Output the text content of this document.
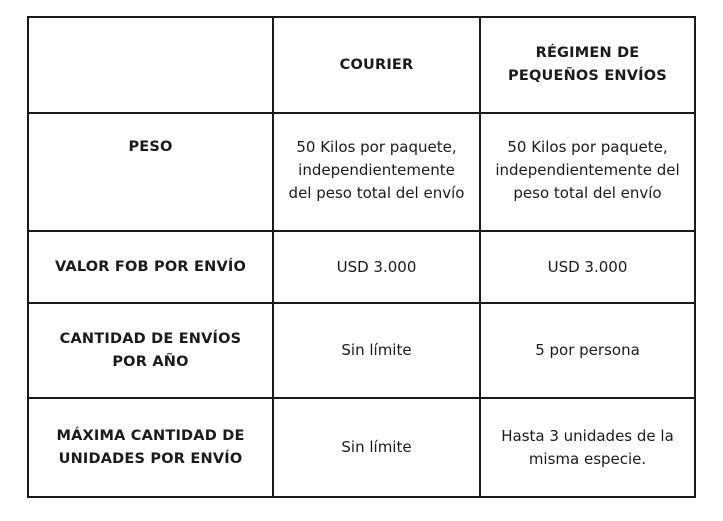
	COURIER	RÉGIMEN DE PEQUEÑOS ENVÍOS
PESO	50 Kilos por paquete, independientemente del peso total del envío	50 Kilos por paquete, independientemente del peso total del envío
VALOR FOB POR ENVÍO	USD 3.000	USD 3.000
CANTIDAD DE ENVÍOS POR AÑO	Sin límite	5 por persona
MÁXIMA CANTIDAD DE UNIDADES POR ENVÍO	Sin límite	Hasta 3 unidades de la misma especie.
